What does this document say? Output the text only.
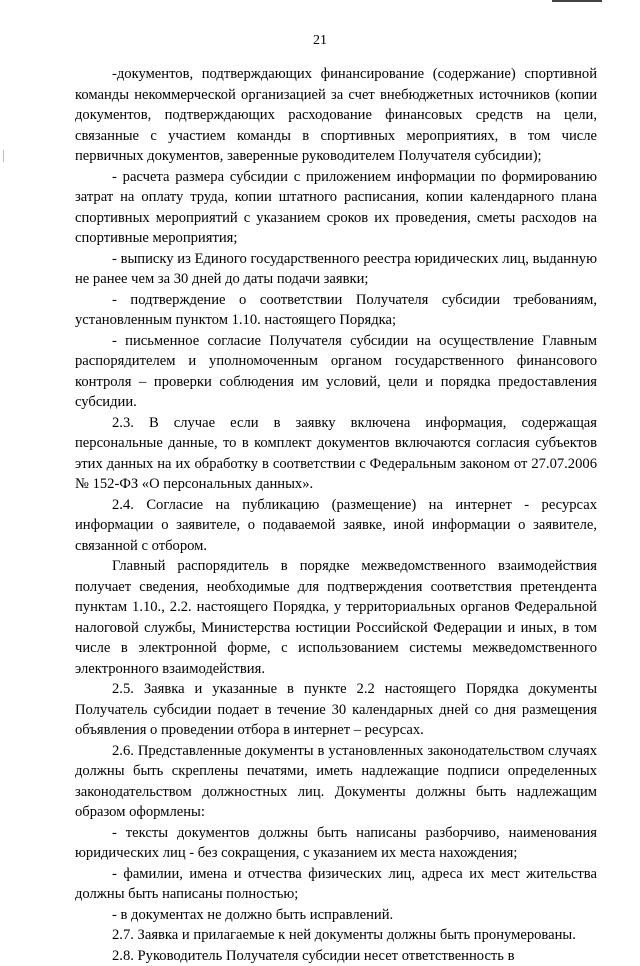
21

-документов, подтверждающих финансирование (содержание) спортивной команды некоммерческой организацией за счет внебюджетных источников (копии документов, подтверждающих расходование финансовых средств на цели, связанные с участием команды в спортивных мероприятиях, в том числе первичных документов, заверенные руководителем Получателя субсидии);

- расчета размера субсидии с приложением информации по формированию затрат на оплату труда, копии штатного расписания, копии календарного плана спортивных мероприятий с указанием сроков их проведения, сметы расходов на спортивные мероприятия;

- выписку из Единого государственного реестра юридических лиц, выданную не ранее чем за 30 дней до даты подачи заявки;

- подтверждение о соответствии Получателя субсидии требованиям, установленным пунктом 1.10. настоящего Порядка;

- письменное согласие Получателя субсидии на осуществление Главным распорядителем и уполномоченным органом государственного финансового контроля – проверки соблюдения им условий, цели и порядка предоставления субсидии.

2.3. В случае если в заявку включена информация, содержащая персональные данные, то в комплект документов включаются согласия субъектов этих данных на их обработку в соответствии с Федеральным законом от 27.07.2006 № 152-ФЗ «О персональных данных».

2.4. Согласие на публикацию (размещение) на интернет - ресурсах информации о заявителе, о подаваемой заявке, иной информации о заявителе, связанной с отбором.

Главный распорядитель в порядке межведомственного взаимодействия получает сведения, необходимые для подтверждения соответствия претендента пунктам 1.10., 2.2. настоящего Порядка, у территориальных органов Федеральной налоговой службы, Министерства юстиции Российской Федерации и иных, в том числе в электронной форме, с использованием системы межведомственного электронного взаимодействия.

2.5. Заявка и указанные в пункте 2.2 настоящего Порядка документы Получатель субсидии подает в течение 30 календарных дней со дня размещения объявления о проведении отбора в интернет – ресурсах.

2.6. Представленные документы в установленных законодательством случаях должны быть скреплены печатями, иметь надлежащие подписи определенных законодательством должностных лиц. Документы должны быть надлежащим образом оформлены:

- тексты документов должны быть написаны разборчиво, наименования юридических лиц - без сокращения, с указанием их места нахождения;

- фамилии, имена и отчества физических лиц, адреса их мест жительства должны быть написаны полностью;

- в документах не должно быть исправлений.

2.7. Заявка и прилагаемые к ней документы должны быть пронумерованы.

2.8. Руководитель Получателя субсидии несет ответственность в
